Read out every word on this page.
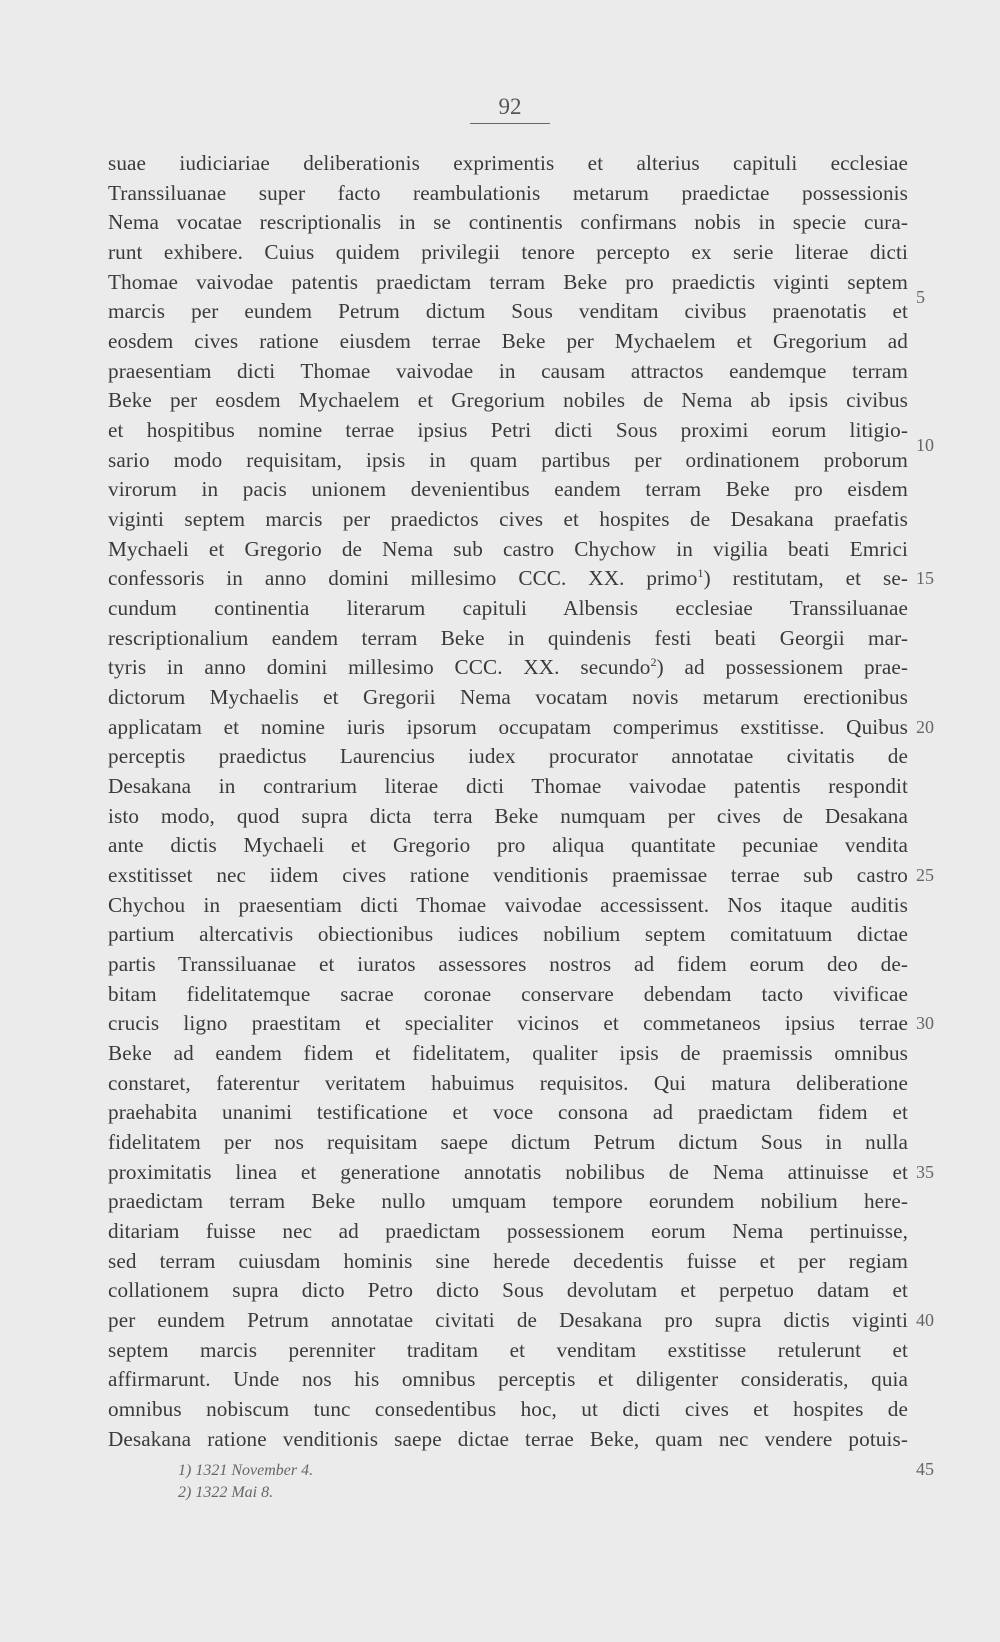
92
suae iudiciariae deliberationis exprimentis et alterius capituli ecclesiae
Transsiluanae super facto reambulationis metarum praedictae possessionis
Nema vocatae rescriptionalis in se continentis confirmans nobis in specie cura-
runt exhibere. Cuius quidem privilegii tenore percepto ex serie literae dicti
Thomae vaivodae patentis praedictam terram Beke pro praedictis viginti septem
marcis per eundem Petrum dictum Sous venditam civibus praenotatis et
eosdem cives ratione eiusdem terrae Beke per Mychaelem et Gregorium ad
praesentiam dicti Thomae vaivodae in causam attractos eandemque terram
Beke per eosdem Mychaelem et Gregorium nobiles de Nema ab ipsis civibus
et hospitibus nomine terrae ipsius Petri dicti Sous proximi eorum litigio-
sario modo requisitam, ipsis in quam partibus per ordinationem proborum
virorum in pacis unionem devenientibus eandem terram Beke pro eisdem
viginti septem marcis per praedictos cives et hospites de Desakana praefatis
Mychaeli et Gregorio de Nema sub castro Chychow in vigilia beati Emrici
confessoris in anno domini millesimo CCC. XX. primo$^1$) restitutam, et se-
cundum continentia literarum capituli Albensis ecclesiae Transsiluanae
rescriptionalium eandem terram Beke in quindenis festi beati Georgii mar-
tyris in anno domini millesimo CCC. XX. secundo$^2$) ad possessionem prae-
dictorum Mychaelis et Gregorii Nema vocatam novis metarum erectionibus
applicatam et nomine iuris ipsorum occupatam comperimus exstitisse. Quibus
perceptis praedictus Laurencius iudex procurator annotatae civitatis de
Desakana in contrarium literae dicti Thomae vaivodae patentis respondit
isto modo, quod supra dicta terra Beke numquam per cives de Desakana
ante dictis Mychaeli et Gregorio pro aliqua quantitate pecuniae vendita
exstitisset nec iidem cives ratione venditionis praemissae terrae sub castro
Chychou in praesentiam dicti Thomae vaivodae accessissent. Nos itaque auditis
partium altercativis obiectionibus iudices nobilium septem comitatuum dictae
partis Transsiluanae et iuratos assessores nostros ad fidem eorum deo de-
bitam fidelitatemque sacrae coronae conservare debendam tacto vivificae
crucis ligno praestitam et specialiter vicinos et commetaneos ipsius terrae
Beke ad eandem fidem et fidelitatem, qualiter ipsis de praemissis omnibus
constaret, faterentur veritatem habuimus requisitos. Qui matura deliberatione
praehabita unanimi testificatione et voce consona ad praedictam fidem et
fidelitatem per nos requisitam saepe dictum Petrum dictum Sous in nulla
proximitatis linea et generatione annotatis nobilibus de Nema attinuisse et
praedictam terram Beke nullo umquam tempore eorundem nobilium here-
ditariam fuisse nec ad praedictam possessionem eorum Nema pertinuisse,
sed terram cuiusdam hominis sine herede decedentis fuisse et per regiam
collationem supra dicto Petro dicto Sous devolutam et perpetuo datam et
per eundem Petrum annotatae civitati de Desakana pro supra dictis viginti
septem marcis perenniter traditam et venditam exstitisse retulerunt et
affirmarunt. Unde nos his omnibus perceptis et diligenter consideratis, quia
omnibus nobiscum tunc consedentibus hoc, ut dicti cives et hospites de
Desakana ratione venditionis saepe dictae terrae Beke, quam nec vendere potuis-
5
10
15
20
25
30
35
40
45
1) 1321 November 4.
2) 1322 Mai 8.
